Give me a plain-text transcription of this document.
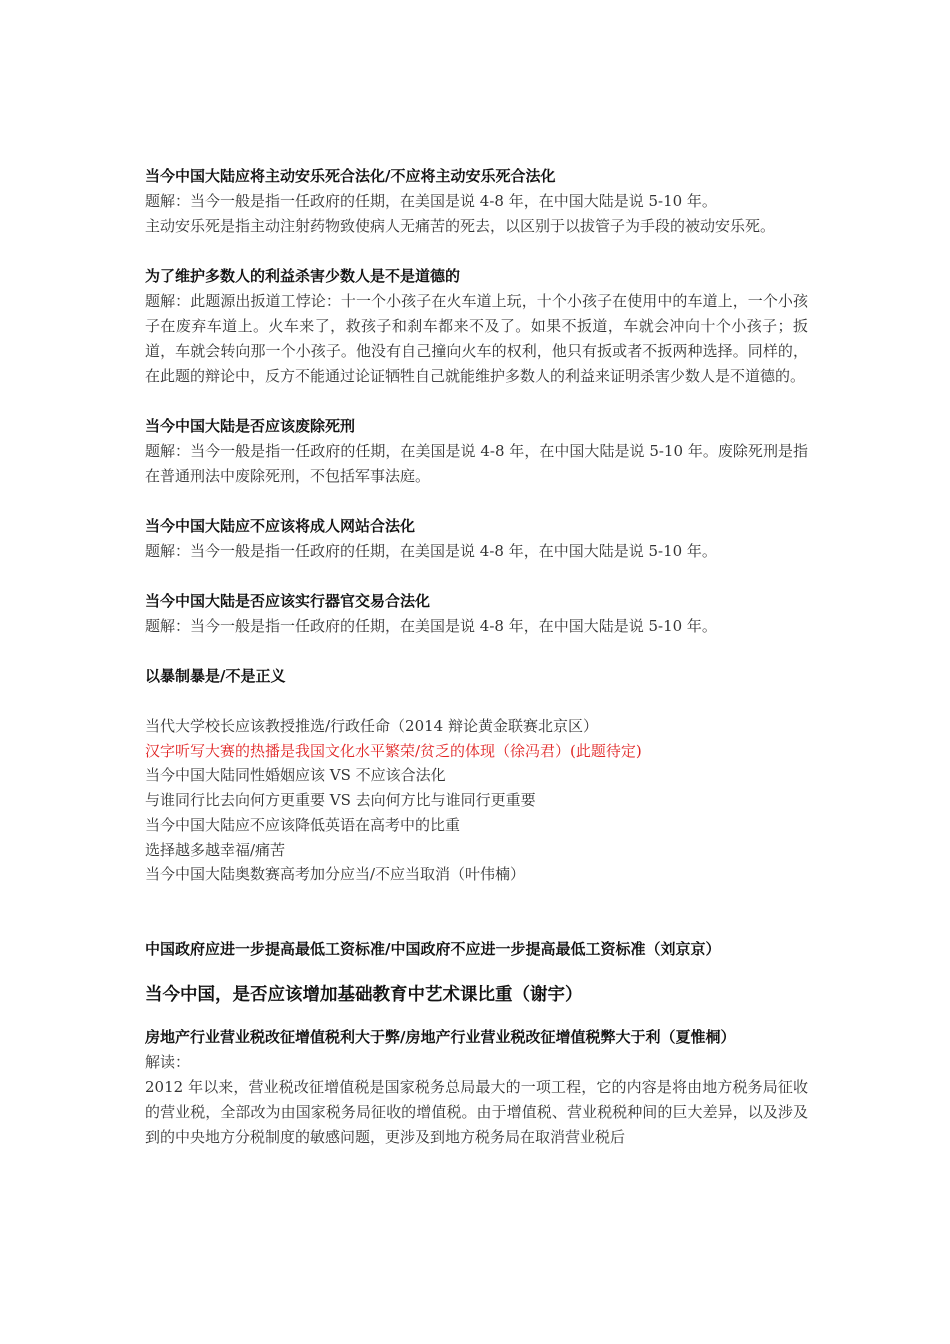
当今中国大陆应将主动安乐死合法化/不应将主动安乐死合法化
题解：当今一般是指一任政府的任期，在美国是说 4-8 年，在中国大陆是说 5-10 年。
主动安乐死是指主动注射药物致使病人无痛苦的死去，以区别于以拔管子为手段的被动安乐死。
为了维护多数人的利益杀害少数人是不是道德的
题解：此题源出扳道工悖论：十一个小孩子在火车道上玩，十个小孩子在使用中的车道上，一个小孩子在废弃车道上。火车来了，救孩子和刹车都来不及了。如果不扳道，车就会冲向十个小孩子；扳道，车就会转向那一个小孩子。他没有自己撞向火车的权利，他只有扳或者不扳两种选择。同样的，在此题的辩论中，反方不能通过论证牺牲自己就能维护多数人的利益来证明杀害少数人是不道德的。
当今中国大陆是否应该废除死刑
题解：当今一般是指一任政府的任期，在美国是说 4-8 年，在中国大陆是说 5-10 年。废除死刑是指在普通刑法中废除死刑，不包括军事法庭。
当今中国大陆应不应该将成人网站合法化
题解：当今一般是指一任政府的任期，在美国是说 4-8 年，在中国大陆是说 5-10 年。
当今中国大陆是否应该实行器官交易合法化
题解：当今一般是指一任政府的任期，在美国是说 4-8 年，在中国大陆是说 5-10 年。
以暴制暴是/不是正义
当代大学校长应该教授推选/行政任命（2014 辩论黄金联赛北京区）
汉字听写大赛的热播是我国文化水平繁荣/贫乏的体现（徐冯君）(此题待定)
当今中国大陆同性婚姻应该 VS 不应该合法化
与谁同行比去向何方更重要 VS 去向何方比与谁同行更重要
当今中国大陆应不应该降低英语在高考中的比重
选择越多越幸福/痛苦
当今中国大陆奥数赛高考加分应当/不应当取消（叶伟楠）
中国政府应进一步提高最低工资标准/中国政府不应进一步提高最低工资标准（刘京京）
当今中国，是否应该增加基础教育中艺术课比重（谢宇）
房地产行业营业税改征增值税利大于弊/房地产行业营业税改征增值税弊大于利（夏惟桐）
解读：
2012 年以来，营业税改征增值税是国家税务总局最大的一项工程，它的内容是将由地方税务局征收的营业税，全部改为由国家税务局征收的增值税。由于增值税、营业税税种间的巨大差异，以及涉及到的中央地方分税制度的敏感问题，更涉及到地方税务局在取消营业税后
